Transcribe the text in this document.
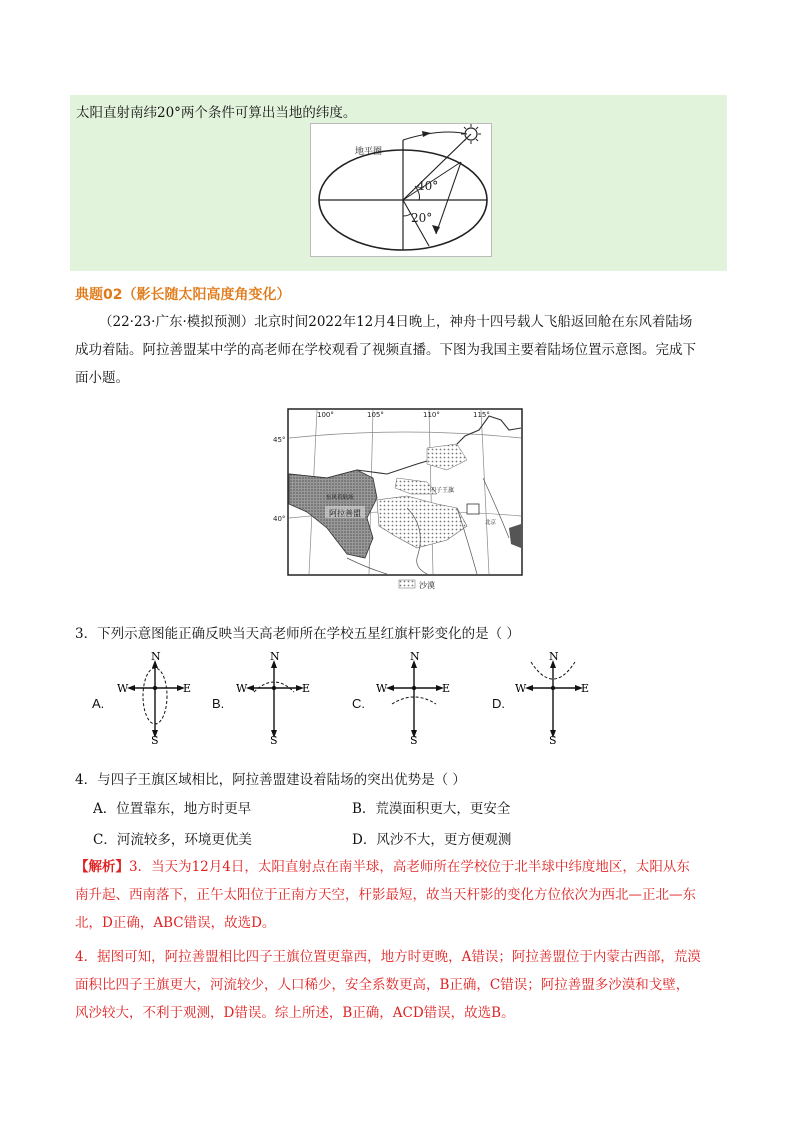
太阳直射南纬20°两个条件可算出当地的纬度。
40°
20°
地平圈
典题02（影长随太阳高度角变化）
（22·23·广东·模拟预测）北京时间2022年12月4日晚上，神舟十四号载人飞船返回舱在东风着陆场
成功着陆。阿拉善盟某中学的高老师在学校观看了视频直播。下图为我国主要着陆场位置示意图。完成下
面小题。
100°	105°	110°	115°
45°
40°
东风着陆场
阿拉善盟
四子王旗
北京
沙漠
3．下列示意图能正确反映当天高老师所在学校五星红旗杆影变化的是（ ）
N
S
W	E
A.
N
S
W	E
B.
N
S
W	E
C.
N
S
W	E
D.
4．与四子王旗区域相比，阿拉善盟建设着陆场的突出优势是（ ）
A．位置靠东，地方时更早	B．荒漠面积更大，更安全
C．河流较多，环境更优美	D．风沙不大，更方便观测
【解析】3．当天为12月4日，太阳直射点在南半球，高老师所在学校位于北半球中纬度地区，太阳从东
南升起、西南落下，正午太阳位于正南方天空，杆影最短，故当天杆影的变化方位依次为西北—正北—东
北，D正确，ABC错误，故选D。
4．据图可知，阿拉善盟相比四子王旗位置更靠西，地方时更晚，A错误；阿拉善盟位于内蒙古西部，荒漠
面积比四子王旗更大，河流较少，人口稀少，安全系数更高，B正确，C错误；阿拉善盟多沙漠和戈壁，
风沙较大，不利于观测，D错误。综上所述，B正确，ACD错误，故选B。
